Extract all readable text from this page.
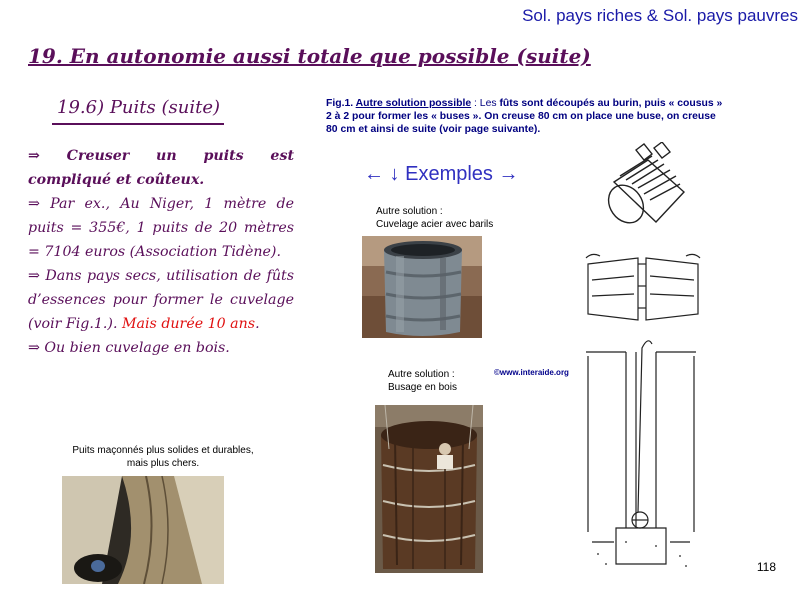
Sol. pays riches & Sol. pays pauvres
19. En autonomie aussi totale que possible (suite)
19.6) Puits (suite)

⇒ Creuser un puits est compliqué et coûteux.

⇒ Par ex., Au Niger, 1 mètre de puits = 355€, 1 puits de 20 mètres = 7104 euros (Association Tidène).

⇒ Dans pays secs, utilisation de fûts d’essences pour former le cuvelage (voir Fig.1.). Mais durée 10 ans.

⇒ Ou bien cuvelage en bois.

Fig.1. Autre solution possible : Les fûts sont découpés au burin, puis « cousus » 2 à 2 pour former les « buses ». On creuse 80 cm on place une buse, on creuse 80 cm et ainsi de suite (voir page suivante).
← ↓ Exemples →
Autre solution :
Cuvelage acier avec barils
Autre solution :
Busage en bois
Puits maçonnés plus solides et durables,
mais plus chers.
©www.interaide.org
118
